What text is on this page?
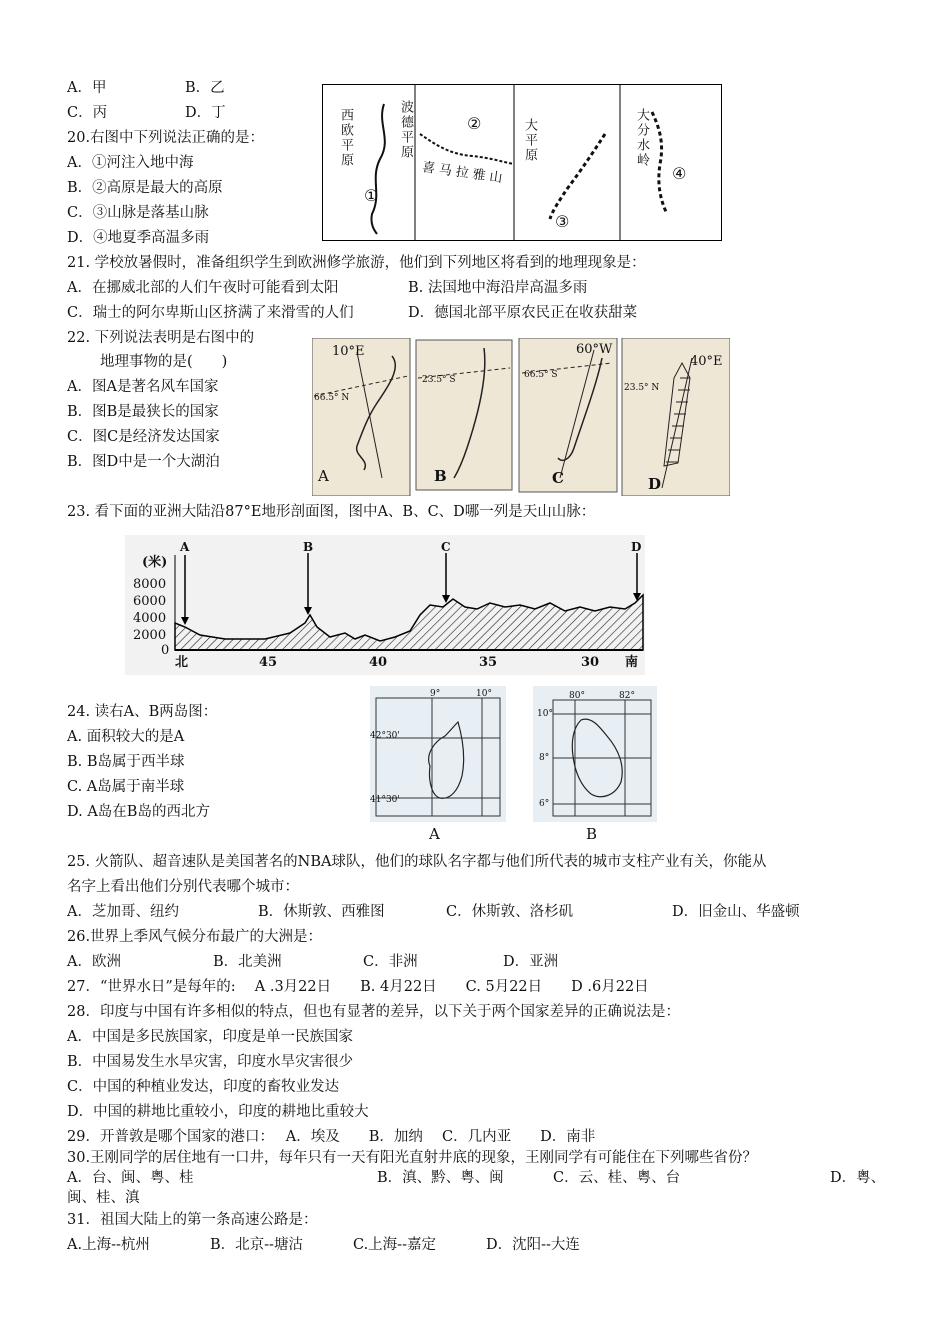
A．甲	B．乙
C．丙	D．丁
20.右图中下列说法正确的是：
A．①河注入地中海
B．②高原是最大的高原
C．③山脉是落基山脉
D．④地夏季高温多雨
西欧平原
①
波德平原	②
喜马拉雅山
大平原
③
大分水岭
④
21. 学校放暑假时，准备组织学生到欧洲修学旅游，他们到下列地区将看到的地理现象是：
A．在挪威北部的人们午夜时可能看到太阳	B. 法国地中海沿岸高温多雨
C．瑞士的阿尔卑斯山区挤满了来滑雪的人们	D．德国北部平原农民正在收获甜菜
22. 下列说法表明是右图中的
地理事物的是(　　)
A．图A是著名风车国家
B．图B是最狭长的国家
C．图C是经济发达国家
B．图D中是一个大湖泊
10°E
66.5° N
A
23.5° S
B
60°W
66.5° S
C
40°E
23.5° N
D
23. 看下面的亚洲大陆沿87°E地形剖面图，图中A、B、C、D哪一列是天山山脉：
(米)
8000
6000
4000
2000
0
北	45	40	35	30 南
A	B	C	D
24. 读右A、B两岛图：
A. 面积较大的是A
B. B岛属于西半球
C. A岛属于南半球
D. A岛在B岛的西北方
9°	10°
42°30'
41°30'
A
80°	82°
10°
8°
6°
B
25. 火箭队、超音速队是美国著名的NBA球队，他们的球队名字都与他们所代表的城市支柱产业有关，你能从
名字上看出他们分别代表哪个城市：
A．芝加哥、纽约	B．休斯敦、西雅图	C．休斯敦、洛杉矶	D．旧金山、华盛顿
26.世界上季风气候分布最广的大洲是：
A．欧洲	B．北美洲	C．非洲	D．亚洲
27．“世界水日”是每年的:　 A .3月22日　　B. 4月22日　　C. 5月22日　　D .6月22日
28．印度与中国有许多相似的特点，但也有显著的差异，以下关于两个国家差异的正确说法是：
A．中国是多民族国家，印度是单一民族国家
B．中国易发生水旱灾害，印度水旱灾害很少
C．中国的种植业发达，印度的畜牧业发达
D．中国的耕地比重较小，印度的耕地比重较大
29．开普敦是哪个国家的港口：　 A．埃及　　B．加纳　 C．几内亚　　D．南非
30.王刚同学的居住地有一口井，每年只有一天有阳光直射井底的现象，王刚同学有可能住在下列哪些省份？
A．台、闽、粤、桂	B．滇、黔、粤、闽	C．云、桂、粤、台	D．粤、
闽、桂、滇
31．祖国大陆上的第一条高速公路是：
A.上海--杭州	B．北京--塘沽	C.上海--嘉定	D．沈阳--大连
